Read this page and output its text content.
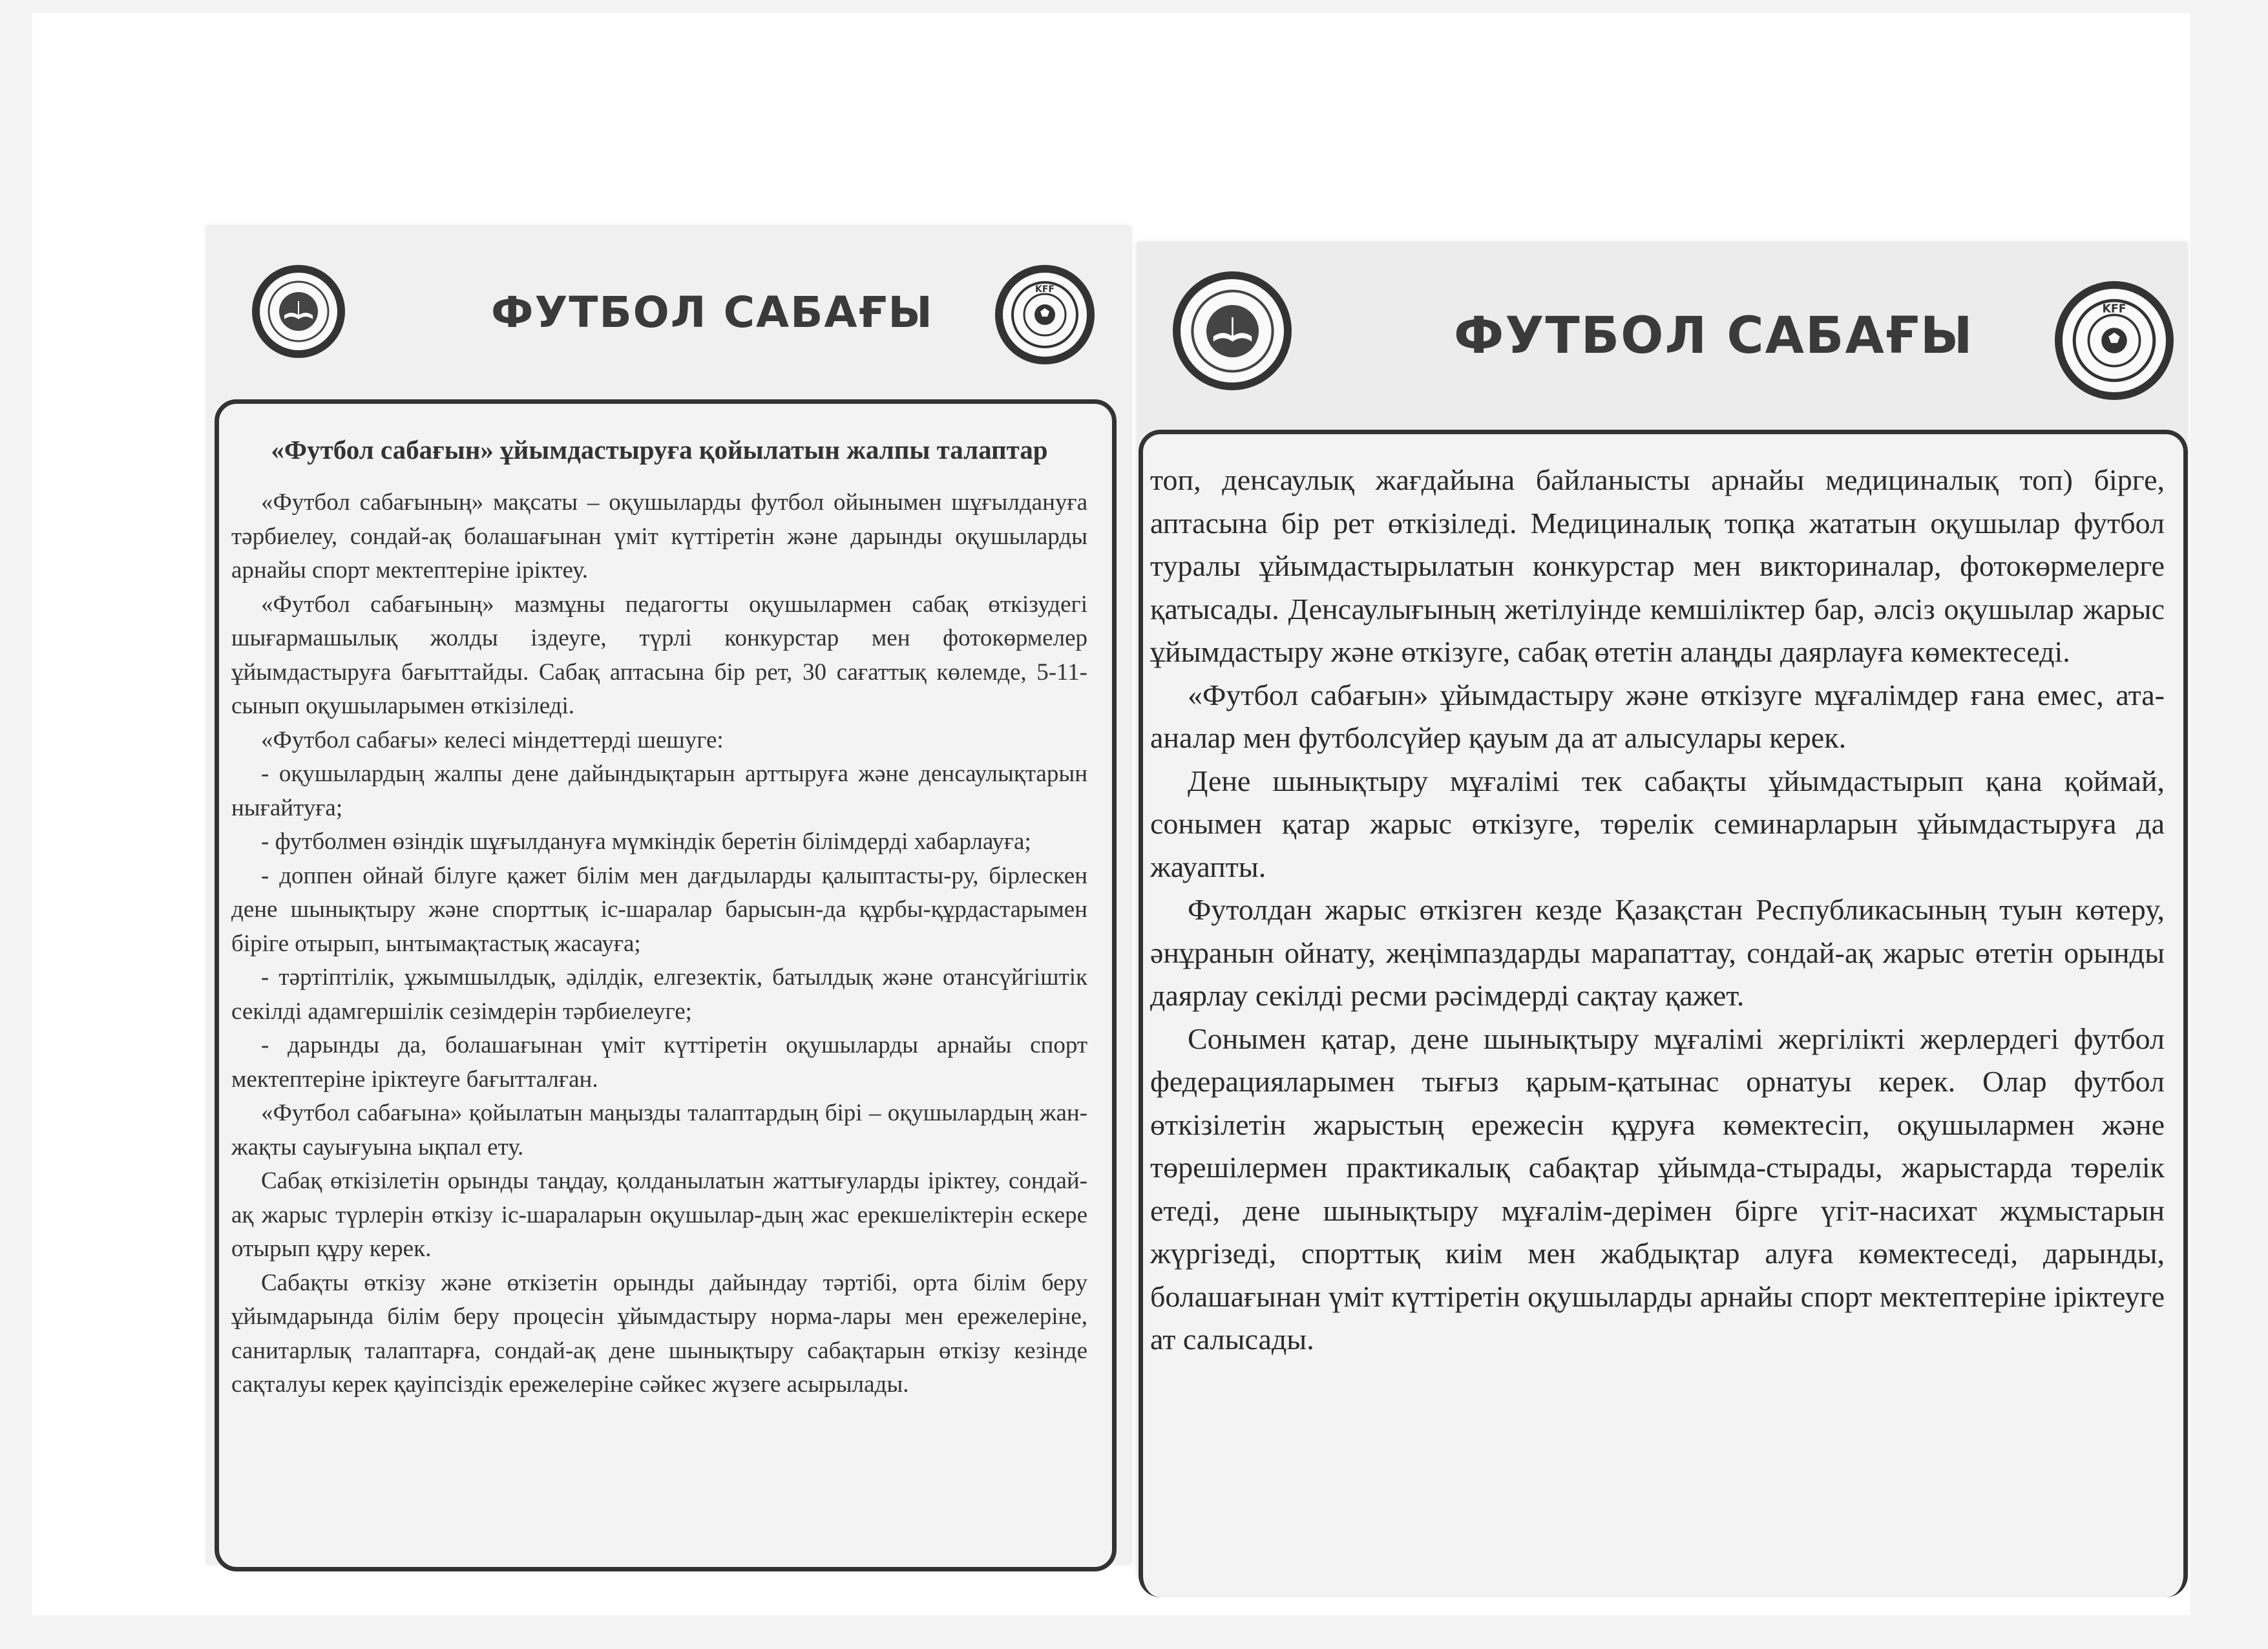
ФУТБОЛ САБАҒЫ	KFF
«Футбол сабағын» ұйымдастыруға қойылатын жалпы талаптар

«Футбол сабағының» мақсаты – оқушыларды футбол ойынымен шұғылдануға тәрбиелеу, сондай-ақ болашағынан үміт күттіретін және дарынды оқушыларды арнайы спорт мектептеріне іріктеу.

«Футбол сабағының» мазмұны педагогты оқушылармен сабақ өткізудегі шығармашылық жолды іздеуге, түрлі конкурстар мен фотокөрмелер ұйымдастыруға бағыттайды. Сабақ аптасына бір рет, 30 сағаттық көлемде, 5-11-сынып оқушыларымен өткізіледі.

«Футбол сабағы» келесі міндеттерді шешуге:

- оқушылардың жалпы дене дайындықтарын арттыруға және денсаулықтарын нығайтуға;

- футболмен өзіндік шұғылдануға мүмкіндік беретін білімдерді хабарлауға;

- доппен ойнай білуге қажет білім мен дағдыларды қалыптасты-ру, бірлескен дене шынықтыру және спорттық іс-шаралар барысын-да құрбы-құрдастарымен біріге отырып, ынтымақтастық жасауға;

- тәртіптілік, ұжымшылдық, әділдік, елгезектік, батылдық және отансүйгіштік секілді адамгершілік сезімдерін тәрбиелеуге;

- дарынды да, болашағынан үміт күттіретін оқушыларды арнайы спорт мектептеріне іріктеуге бағытталған.

«Футбол сабағына» қойылатын маңызды талаптардың бірі – оқушылардың жан-жақты сауығуына ықпал ету.

Сабақ өткізілетін орынды таңдау, қолданылатын жаттығуларды іріктеу, сондай-ақ жарыс түрлерін өткізу іс-шараларын оқушылар-дың жас ерекшеліктерін ескере отырып құру керек.

Сабақты өткізу және өткізетін орынды дайындау тәртібі, орта білім беру ұйымдарында білім беру процесін ұйымдастыру норма-лары мен ережелеріне, санитарлық талаптарға, сондай-ақ дене шынықтыру сабақтарын өткізу кезінде сақталуы керек қауіпсіздік ережелеріне сәйкес жүзеге асырылады.

ФУТБОЛ САБАҒЫ	KFF

топ, денсаулық жағдайына байланысты арнайы медициналық топ) бірге, аптасына бір рет өткізіледі. Медициналық топқа жататын оқушылар футбол туралы ұйымдастырылатын конкурстар мен викториналар, фотокөрмелерге қатысады. Денсаулығының жетілуінде кемшіліктер бар, әлсіз оқушылар жарыс ұйымдастыру және өткізуге, сабақ өтетін алаңды даярлауға көмектеседі.

«Футбол сабағын» ұйымдастыру және өткізуге мұғалімдер ғана емес, ата-аналар мен футболсүйер қауым да ат алысулары керек.

Дене шынықтыру мұғалімі тек сабақты ұйымдастырып қана қоймай, сонымен қатар жарыс өткізуге, төрелік семинарларын ұйымдастыруға да жауапты.

Футолдан жарыс өткізген кезде Қазақстан Республикасының туын көтеру, әнұранын ойнату, жеңімпаздарды марапаттау, сондай-ақ жарыс өтетін орынды даярлау секілді ресми рәсімдерді сақтау қажет.

Сонымен қатар, дене шынықтыру мұғалімі жергілікті жерлердегі футбол федерацияларымен тығыз қарым-қатынас орнатуы керек. Олар футбол өткізілетін жарыстың ережесін құруға көмектесіп, оқушылармен және төрешілермен практикалық сабақтар ұйымда-стырады, жарыстарда төрелік етеді, дене шынықтыру мұғалім-дерімен бірге үгіт-насихат жұмыстарын жүргізеді, спорттық киім мен жабдықтар алуға көмектеседі, дарынды, болашағынан үміт күттіретін оқушыларды арнайы спорт мектептеріне іріктеуге ат салысады.
